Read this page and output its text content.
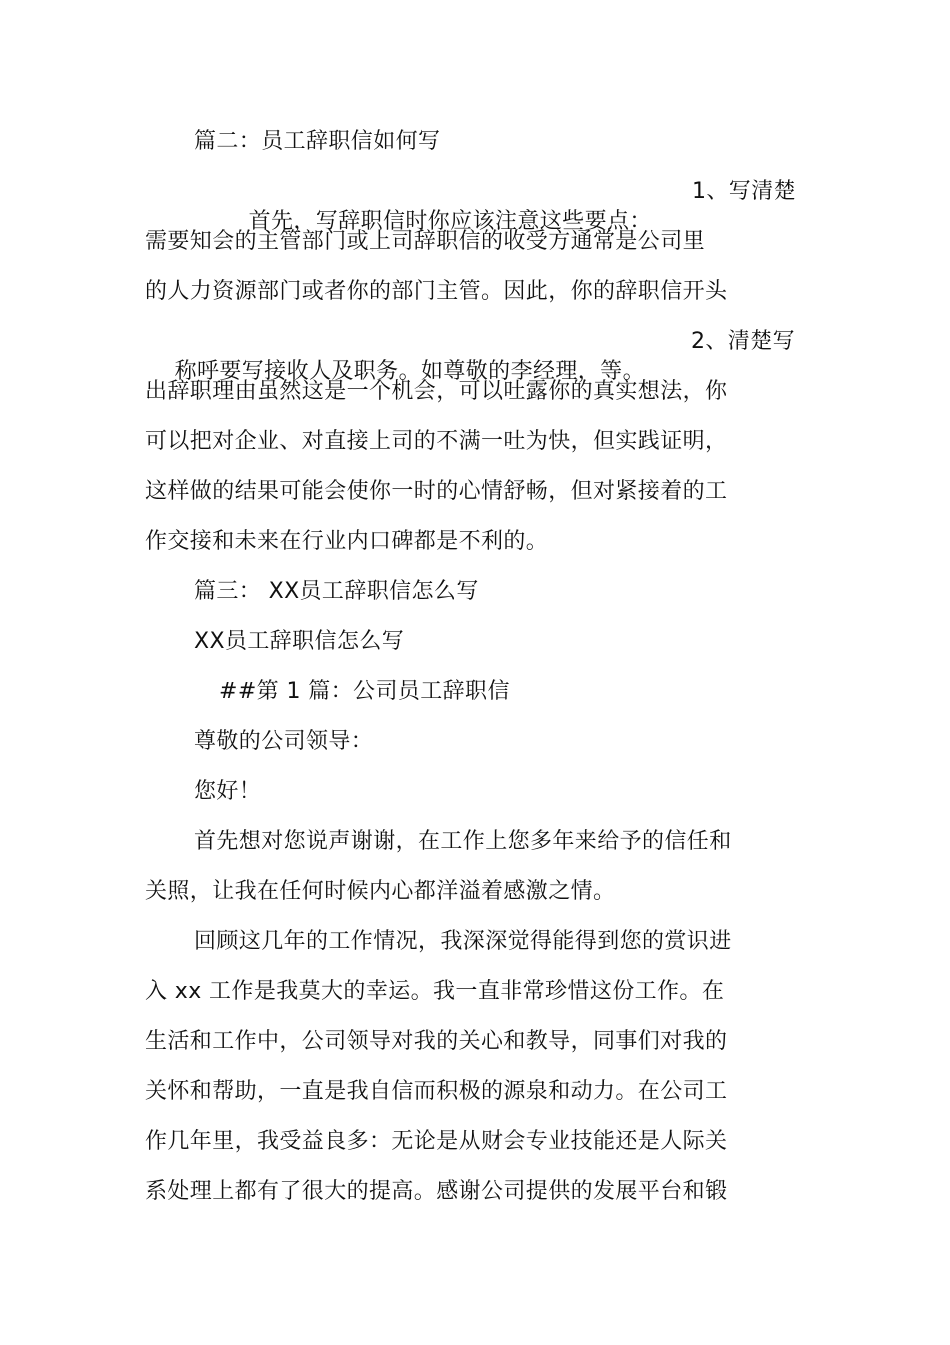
篇二：员工辞职信如何写

首先，写辞职信时你应该注意这些要点：

1、写清楚

需要知会的主管部门或上司辞职信的收受方通常是公司里
的人力资源部门或者你的部门主管。因此，你的辞职信开头

称呼要写接收人及职务。如尊敬的李经理，等。

2、清楚写

出辞职理由虽然这是一个机会，可以吐露你的真实想法，你
可以把对企业、对直接上司的不满一吐为快，但实践证明，
这样做的结果可能会使你一时的心情舒畅，但对紧接着的工
作交接和未来在行业内口碑都是不利的。
篇三： XX员工辞职信怎么写
XX员工辞职信怎么写
##第 1 篇：公司员工辞职信
尊敬的公司领导：
您好！
首先想对您说声谢谢，在工作上您多年来给予的信任和
关照，让我在任何时候内心都洋溢着感激之情。
回顾这几年的工作情况，我深深觉得能得到您的赏识进
入 xx 工作是我莫大的幸运。我一直非常珍惜这份工作。在
生活和工作中，公司领导对我的关心和教导，同事们对我的
关怀和帮助，一直是我自信而积极的源泉和动力。在公司工
作几年里，我受益良多：无论是从财会专业技能还是人际关
系处理上都有了很大的提高。感谢公司提供的发展平台和锻
